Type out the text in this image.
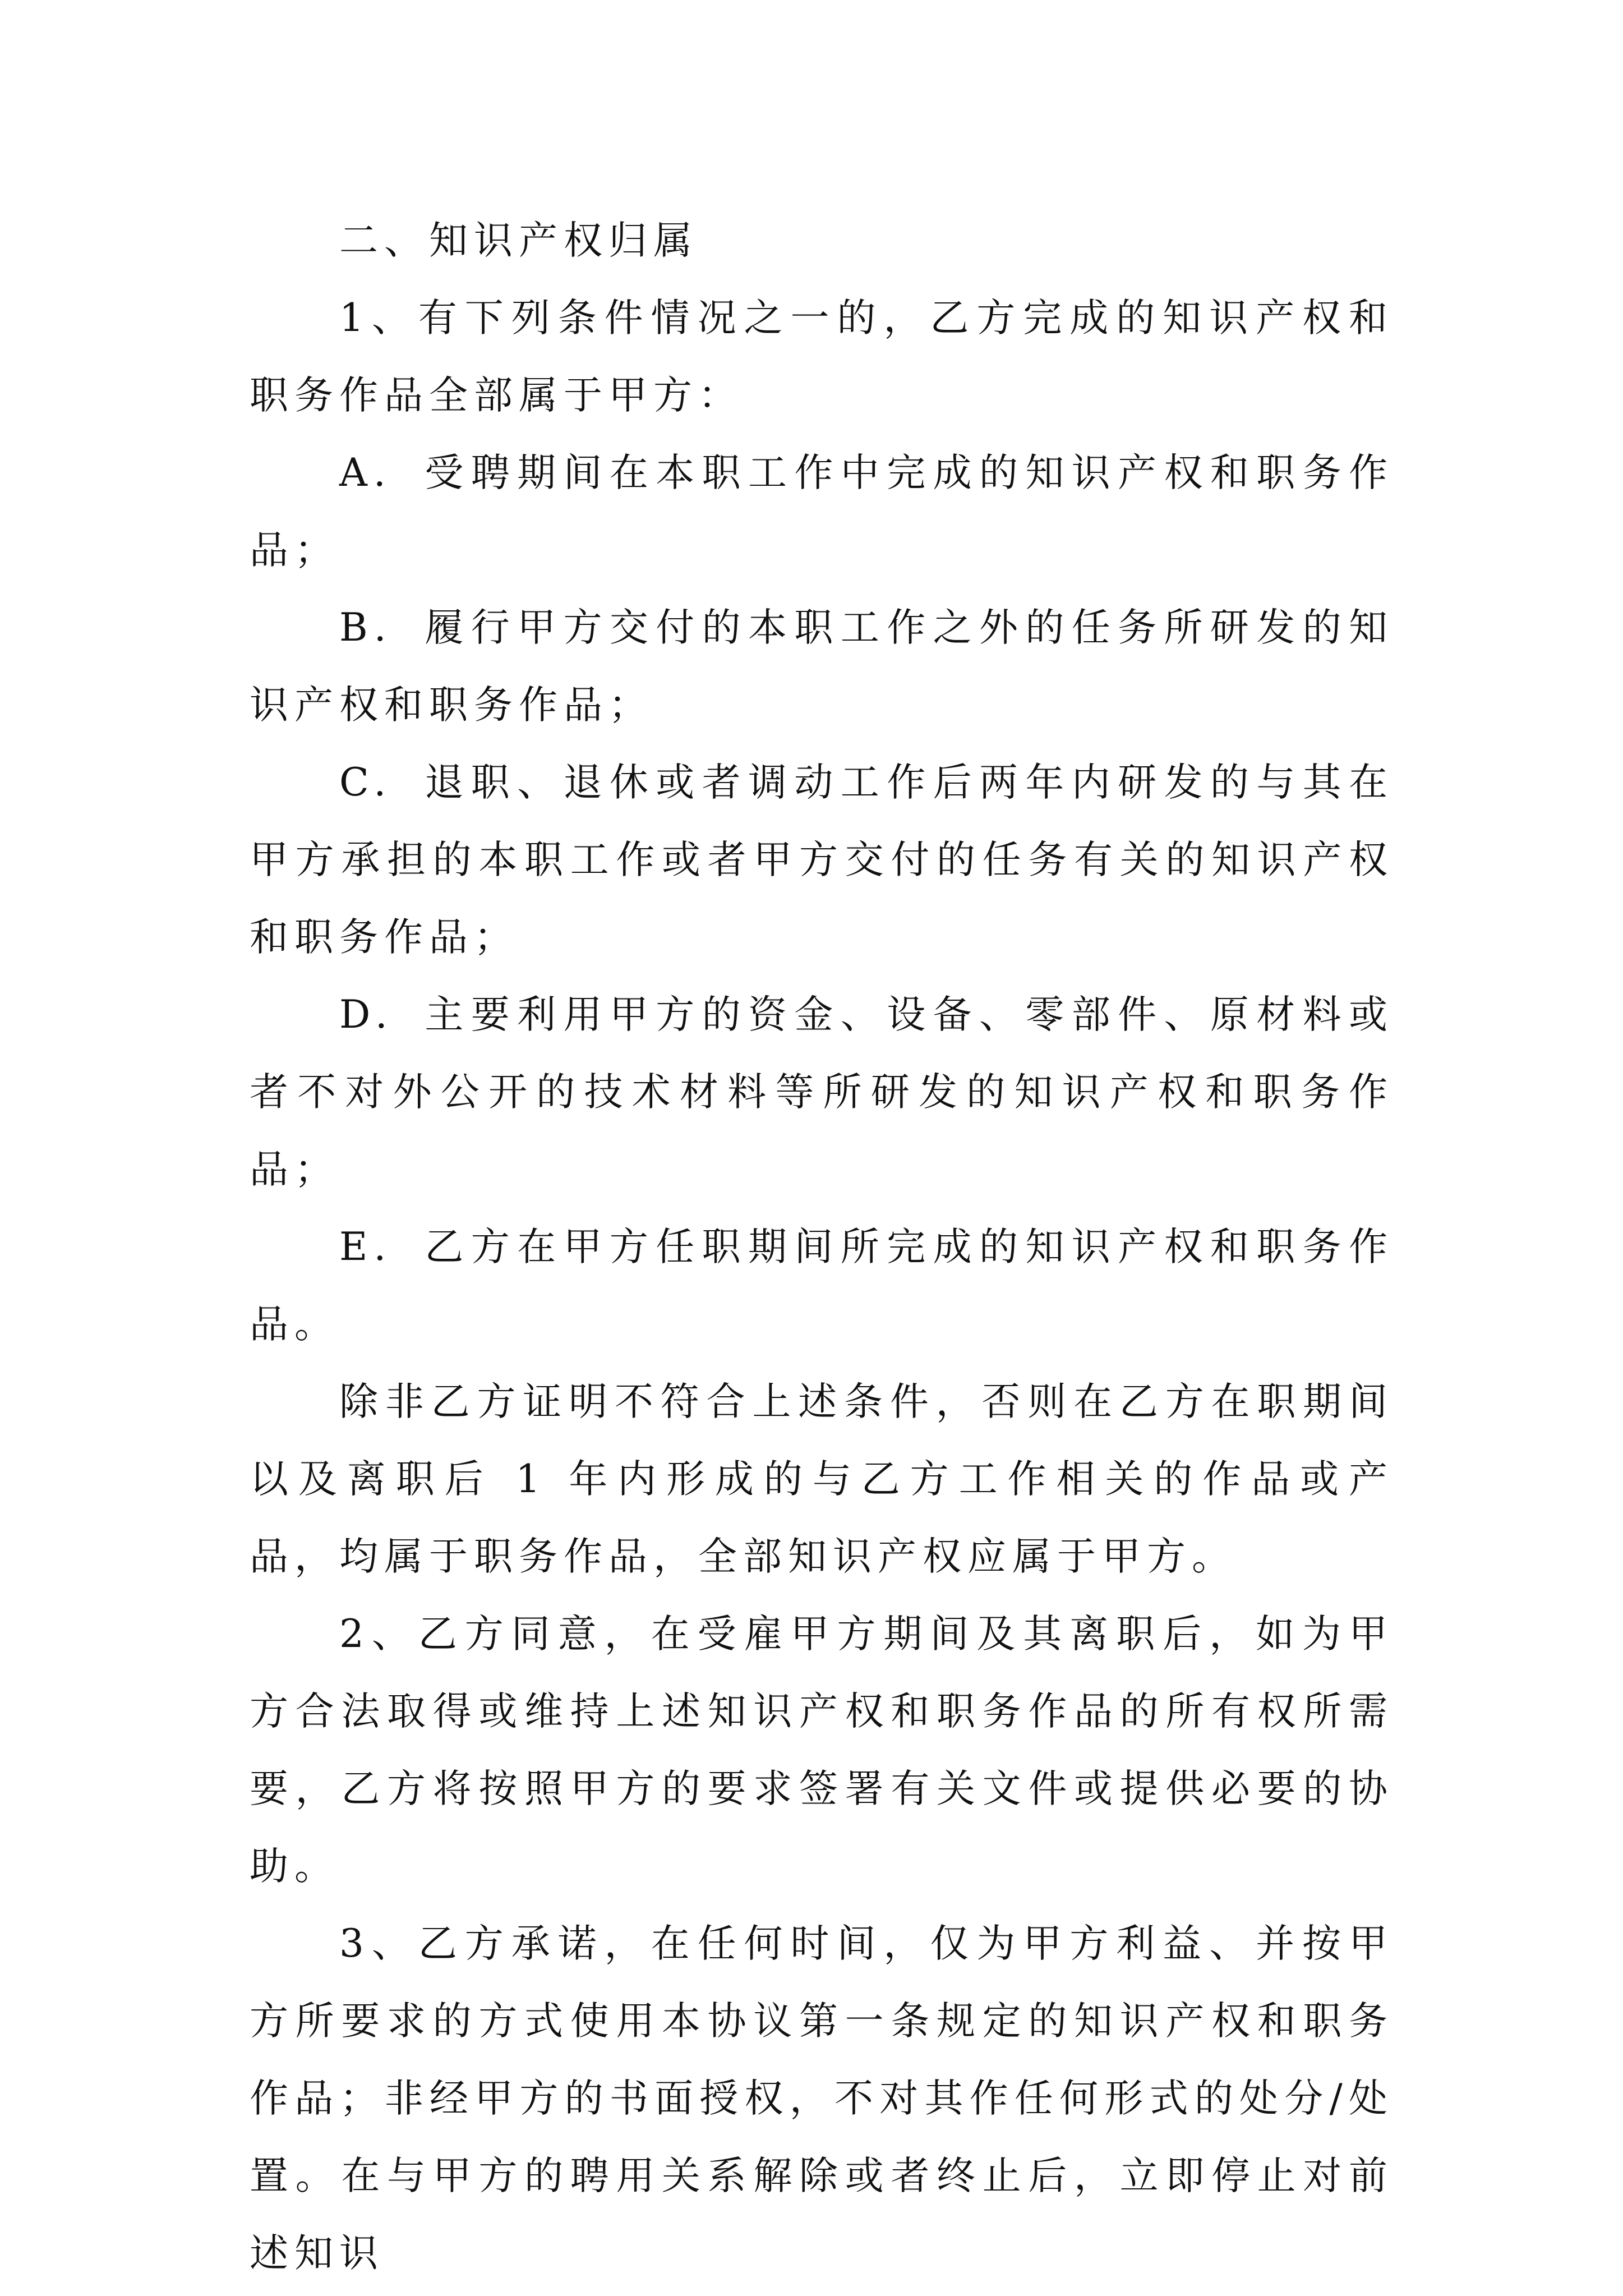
二、知识产权归属

1、有下列条件情况之一的，乙方完成的知识产权和职务作品全部属于甲方：

A. 受聘期间在本职工作中完成的知识产权和职务作品；

B. 履行甲方交付的本职工作之外的任务所研发的知识产权和职务作品；

C. 退职、退休或者调动工作后两年内研发的与其在甲方承担的本职工作或者甲方交付的任务有关的知识产权和职务作品；

D. 主要利用甲方的资金、设备、零部件、原材料或者不对外公开的技术材料等所研发的知识产权和职务作品；

E. 乙方在甲方任职期间所完成的知识产权和职务作品。

除非乙方证明不符合上述条件，否则在乙方在职期间以及离职后 1 年内形成的与乙方工作相关的作品或产品，均属于职务作品，全部知识产权应属于甲方。

2、乙方同意，在受雇甲方期间及其离职后，如为甲方合法取得或维持上述知识产权和职务作品的所有权所需要，乙方将按照甲方的要求签署有关文件或提供必要的协助。

3、乙方承诺，在任何时间，仅为甲方利益、并按甲方所要求的方式使用本协议第一条规定的知识产权和职务作品；非经甲方的书面授权，不对其作任何形式的处分/处置。在与甲方的聘用关系解除或者终止后，立即停止对前述知识
